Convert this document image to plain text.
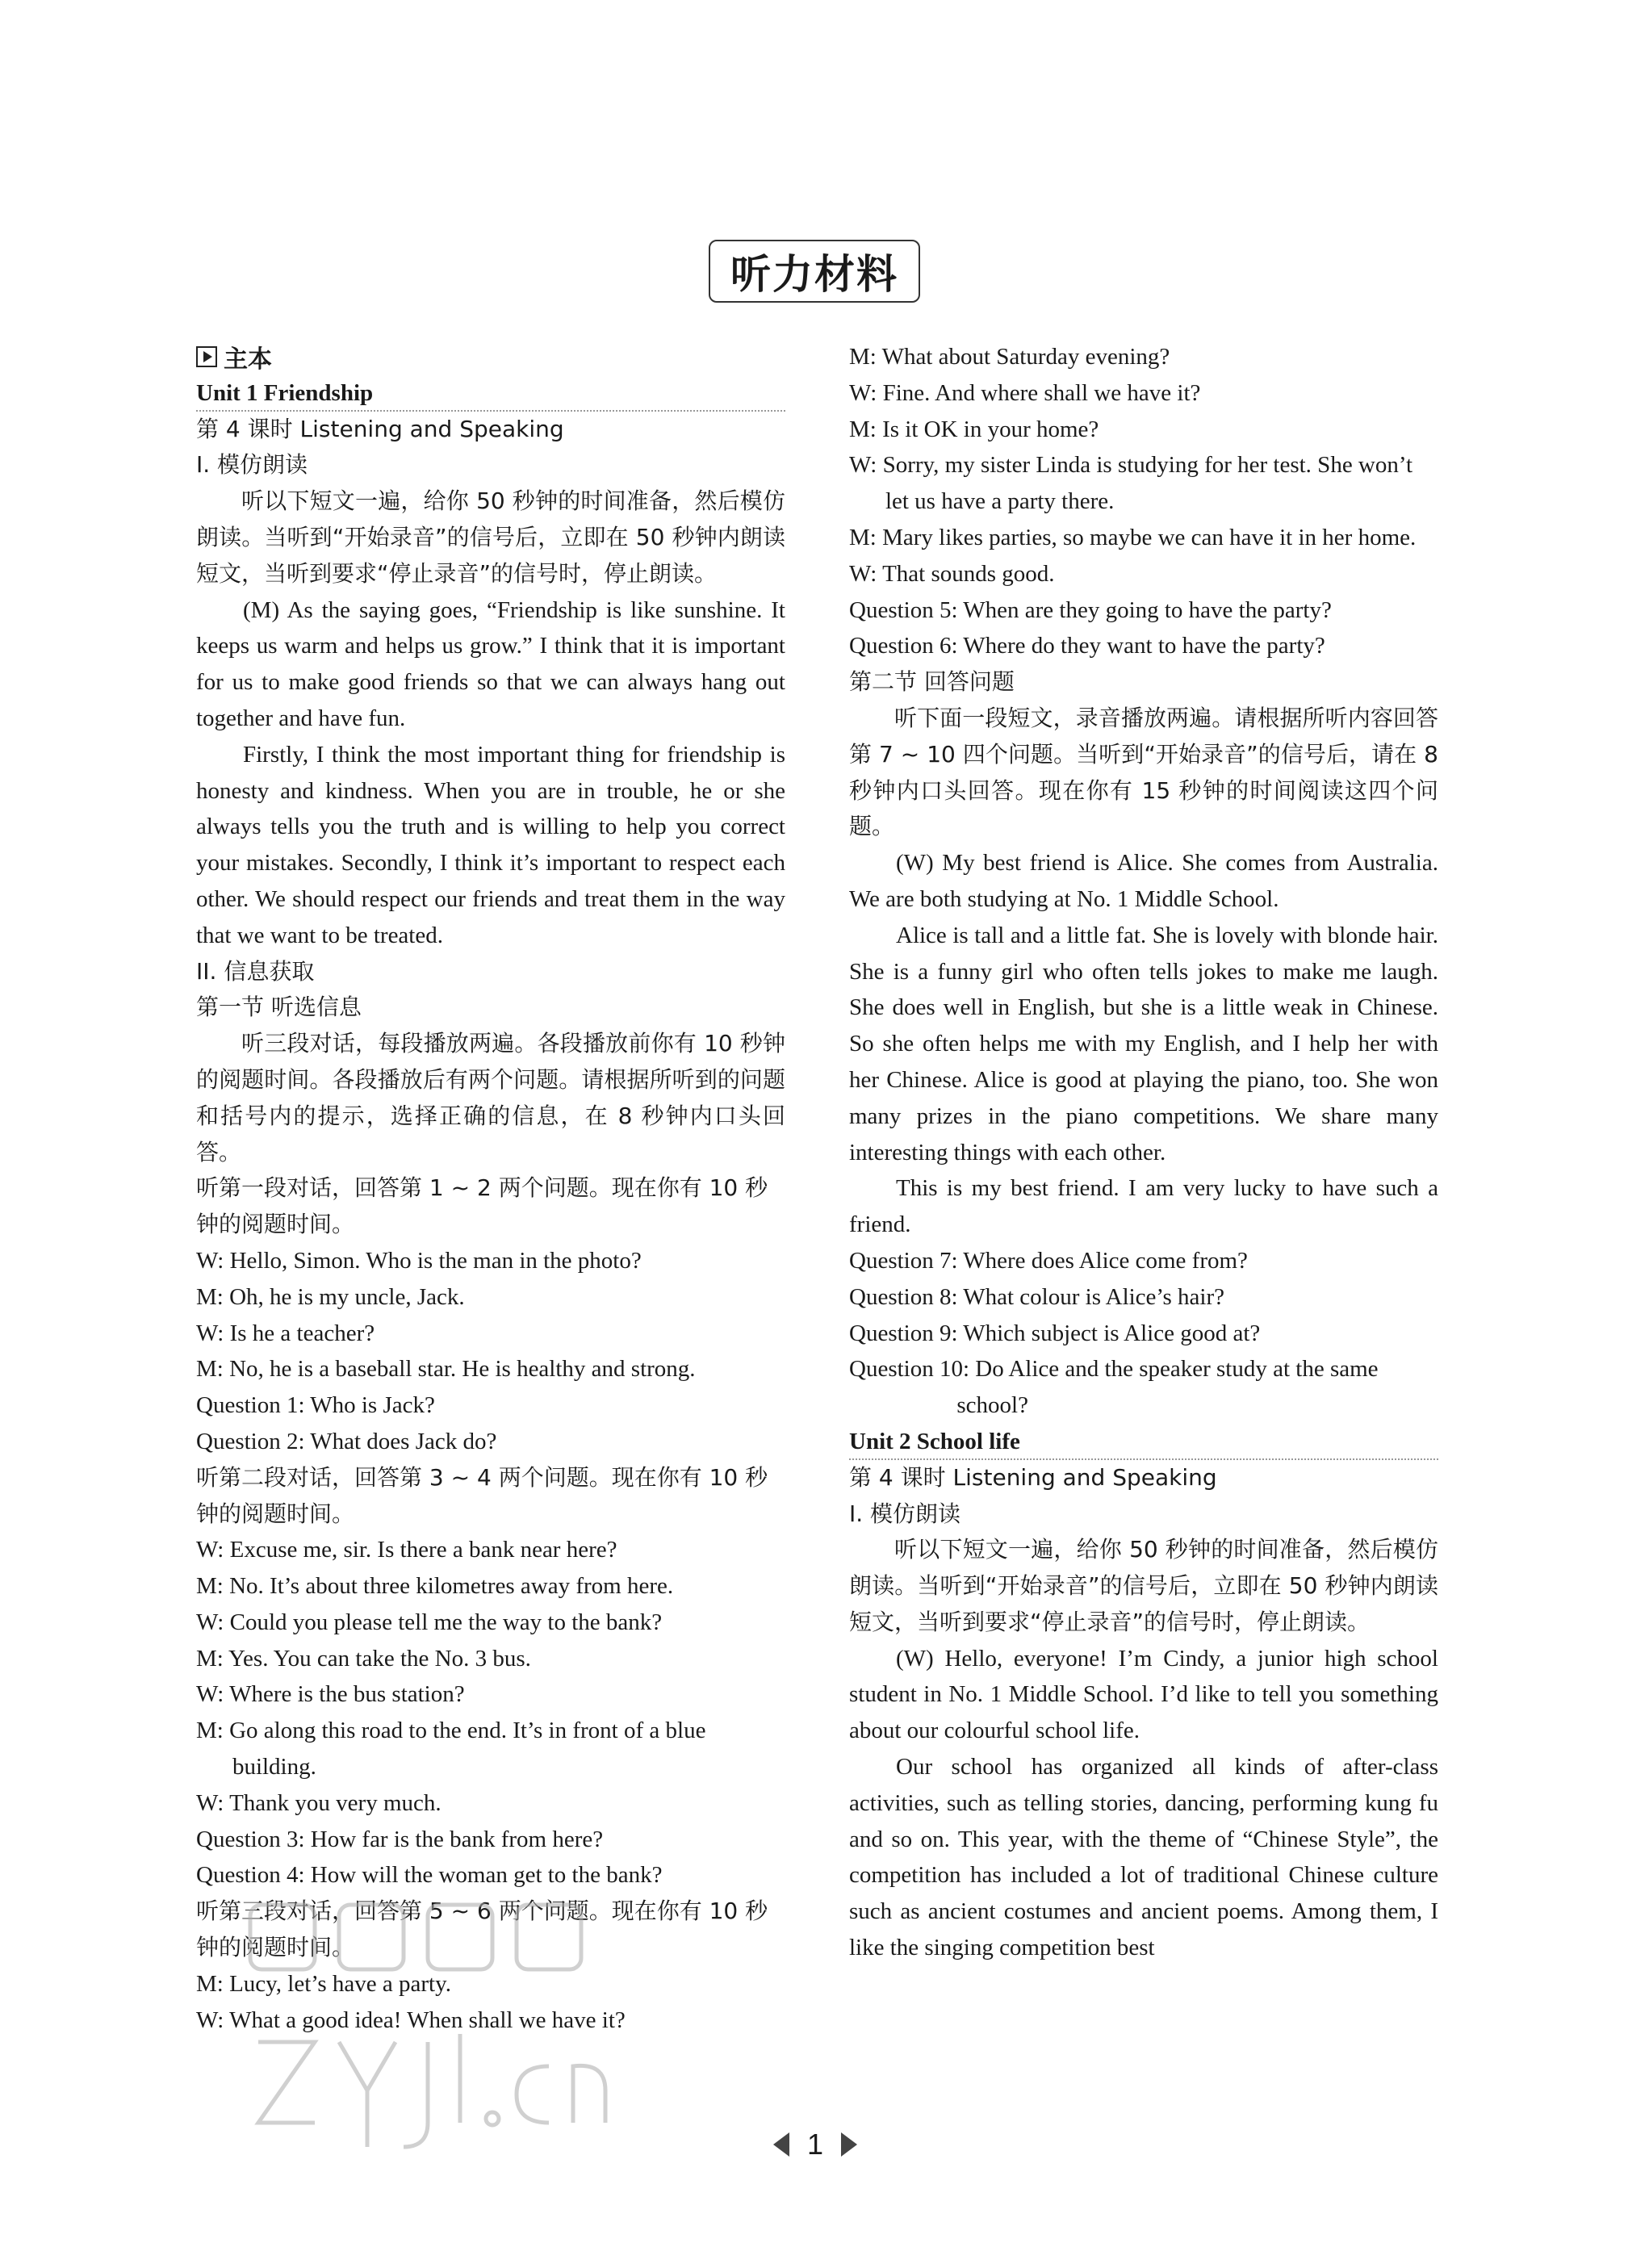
听力材料
主本
Unit 1 Friendship
第 4 课时 Listening and Speaking
I. 模仿朗读
听以下短文一遍，给你 50 秒钟的时间准备，然后模仿朗读。当听到“开始录音”的信号后，立即在 50 秒钟内朗读短文，当听到要求“停止录音”的信号时，停止朗读。
(M) As the saying goes, “Friendship is like sunshine. It keeps us warm and helps us grow.” I think that it is important for us to make good friends so that we can always hang out together and have fun.
Firstly, I think the most important thing for friendship is honesty and kindness. When you are in trouble, he or she always tells you the truth and is willing to help you correct your mistakes. Secondly, I think it’s important to respect each other. We should respect our friends and treat them in the way that we want to be treated.
II. 信息获取
第一节 听选信息
听三段对话，每段播放两遍。各段播放前你有 10 秒钟的阅题时间。各段播放后有两个问题。请根据所听到的问题和括号内的提示，选择正确的信息，在 8 秒钟内口头回答。
听第一段对话，回答第 1 ~ 2 两个问题。现在你有 10 秒钟的阅题时间。
W: Hello, Simon. Who is the man in the photo?
M: Oh, he is my uncle, Jack.
W: Is he a teacher?
M: No, he is a baseball star. He is healthy and strong.
Question 1: Who is Jack?
Question 2: What does Jack do?
听第二段对话，回答第 3 ~ 4 两个问题。现在你有 10 秒钟的阅题时间。
W: Excuse me, sir. Is there a bank near here?
M: No. It’s about three kilometres away from here.
W: Could you please tell me the way to the bank?
M: Yes. You can take the No. 3 bus.
W: Where is the bus station?
M: Go along this road to the end. It’s in front of a blue building.
W: Thank you very much.
Question 3: How far is the bank from here?
Question 4: How will the woman get to the bank?
听第三段对话，回答第 5 ~ 6 两个问题。现在你有 10 秒钟的阅题时间。
M: Lucy, let’s have a party.
W: What a good idea! When shall we have it?
M: What about Saturday evening?
W: Fine. And where shall we have it?
M: Is it OK in your home?
W: Sorry, my sister Linda is studying for her test. She won’t let us have a party there.
M: Mary likes parties, so maybe we can have it in her home.
W: That sounds good.
Question 5: When are they going to have the party?
Question 6: Where do they want to have the party?
第二节 回答问题
听下面一段短文，录音播放两遍。请根据所听内容回答第 7 ~ 10 四个问题。当听到“开始录音”的信号后，请在 8 秒钟内口头回答。现在你有 15 秒钟的时间阅读这四个问题。
(W) My best friend is Alice. She comes from Australia. We are both studying at No. 1 Middle School.
Alice is tall and a little fat. She is lovely with blonde hair. She is a funny girl who often tells jokes to make me laugh. She does well in English, but she is a little weak in Chinese. So she often helps me with my English, and I help her with her Chinese. Alice is good at playing the piano, too. She won many prizes in the piano competitions. We share many interesting things with each other.
This is my best friend. I am very lucky to have such a friend.
Question 7: Where does Alice come from?
Question 8: What colour is Alice’s hair?
Question 9: Which subject is Alice good at?
Question 10: Do Alice and the speaker study at the same school?
Unit 2 School life
第 4 课时 Listening and Speaking
I. 模仿朗读
听以下短文一遍，给你 50 秒钟的时间准备，然后模仿朗读。当听到“开始录音”的信号后，立即在 50 秒钟内朗读短文，当听到要求“停止录音”的信号时，停止朗读。
(W) Hello, everyone! I’m Cindy, a junior high school student in No. 1 Middle School. I’d like to tell you something about our colourful school life.
Our school has organized all kinds of after-class activities, such as telling stories, dancing, performing kung fu and so on. This year, with the theme of “Chinese Style”, the competition has included a lot of traditional Chinese culture such as ancient costumes and ancient poems. Among them, I like the singing competition best
1
